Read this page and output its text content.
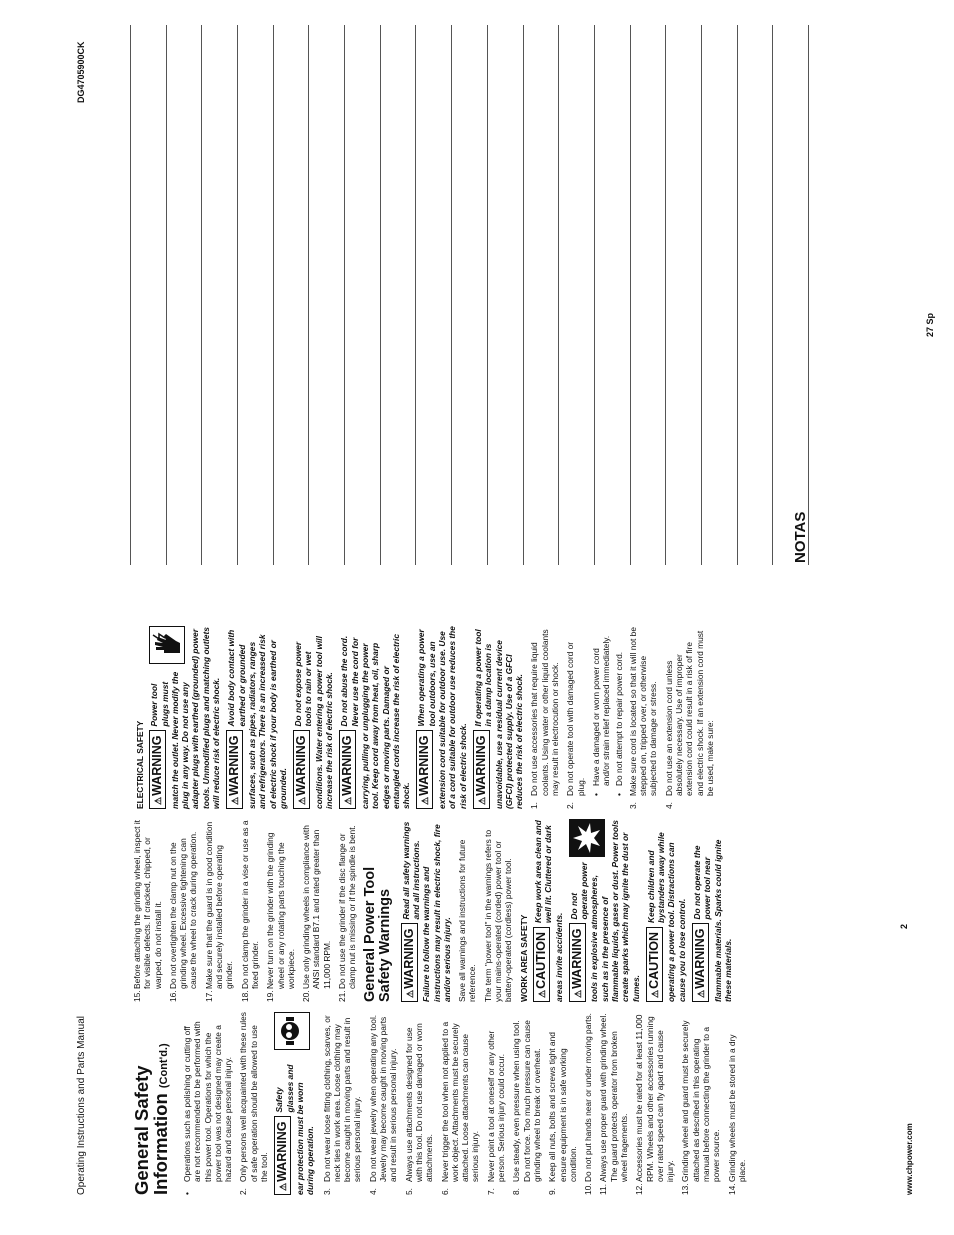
Operating Instructions and Parts Manual	www.chpower.com
2
General Safety
Information (Cont'd.)
•
Operations such as polishing or cutting off are not recommended to be performed with this power tool. Operations for which the power tool was not designed may create a hazard and cause personal injury.
2.
Only persons well acquainted with these rules of safe operation should be allowed to use the tool.
⚠WARNING
Safety glasses and ear protection must be worn during operation. 3.
Do not wear loose fitting clothing, scarves, or neck ties in work area. Loose clothing may become caught in moving parts and result in serious personal injury.
4.
Do not wear jewelry when operating any tool. Jewelry may become caught in moving parts and result in serious personal injury.
5.
Always use attachments designed for use with this tool. Do not use damaged or worn attachments.
6.
Never trigger the tool when not applied to a work object. Attachments must be securely attached. Loose attachments can cause serious injury.
7.
Never point a tool at oneself or any other person. Serious injury could occur.
8.
Use steady, even pressure when using tool. Do not force. Too much pressure can cause grinding wheel to break or overheat.
9.
Keep all nuts, bolts and screws tight and ensure equipment is in safe working condition.
10.
Do not put hands near or under moving parts.
11.
Always use proper guard with grinding wheel. The guard protects operator from broken wheel fragements.
12.
Accessories must be rated for at least 11,000 RPM. Wheels and other accessories running over rated speed can fly apart and cause injury.
13.
Grinding wheel and guard must be securely attached as described in this operating manual before connecting the grinder to a power source.
14.
Grinding wheels must be stored in a dry place.
15.
Before attaching the grinding wheel, inspect it for visible defects. If cracked, chipped, or warped, do not install it.
16.
Do not overtighten the clamp nut on the grinding wheel. Excessive tightening can cause the wheel to crack during operation.
17.
Make sure that the guard is in good condition and securely installed before operating grinder.
18.
Do not clamp the grinder in a vise or use as a fixed grinder.
19.
Never turn on the grinder with the grinding wheel or any rotating parts touching the workpiece.
20.
Use only grinding wheels in compliance with ANSI standard B7.1 and rated greater than 11,000 RPM.
21.
Do not use the grinder if the disc flange or clamp nut is missing or if the spindle is bent. General Power Tool
Safety Warnings	⚠WARNING
Read all safety warnings and all instructions. Failure to follow the warnings and instructions may result in electric shock, fire and/or serious injury. Save all warnings and instructions for future reference. The term "power tool" in the warnings refers to your mains-operated (corded) power tool or battery-operated (cordless) power tool. WORK AREA SAFETY ⚠CAUTION
Keep work area clean and well lit. Cluttered or dark areas invite accidents.	⚠WARNING
Do not operate power tools in explosive atmospheres, such as in the presence of flammable liquids, gases or dust. Power tools create sparks which may ignite the dust or fumes.	⚠CAUTION
Keep children and bystanders away while operating a power tool. Distractions can cause you to lose control.	⚠WARNING
Do not operate the power tool near flammable materials. Sparks could ignite these materials.
ELECTRICAL SAFETY ⚠WARNING
Power tool plugs must match the outlet. Never modify the plug in any way. Do not use any adapter plugs with earthed (grounded) power tools. Unmodified plugs and matching outlets will reduce risk of electric shock.	⚠WARNING
Avoid body contact with earthed or grounded surfaces, such as pipes, radiators, ranges and refrigerators. There is an increased risk of electric shock if your body is earthed or grounded.	⚠WARNING
Do not expose power tools to rain or wet conditions. Water entering a power tool will increase the risk of electric shock.	⚠WARNING
Do not abuse the cord. Never use the cord for carrying, pulling or unplugging the power tool. Keep cord away from heat, oil, sharp edges or moving parts. Damaged or entangled cords increase the risk of electric shock.	⚠WARNING
When operating a power tool outdoors, use an extension cord suitable for outdoor use. Use of a cord suitable for outdoor use reduces the risk of electric shock.	⚠WARNING
If operating a power tool in a damp location is unavoidable, use a residual current device (GFCI) protected supply. Use of a GFCI reduces the risk of electric shock. 1.
Do not use accessories that require liquid coolants. Using water or other liquid coolants may result in electrocution or shock.
2.
Do not operate tool with damaged cord or plug. •
Have a damaged or worn power cord and/or strain relief replaced immediately.
•
Do not attempt to repair power cord.
3.
Make sure cord is located so that it will not be stepped on, tripped over, or otherwise subjected to damage or stress.
4.
Do not use an extension cord unless absolutely necessary. Use of improper extension cord could result in a risk of fire and electric shock. If an extension cord must be used, make sure:
DG4705900CK
NOTAS
27 Sp
